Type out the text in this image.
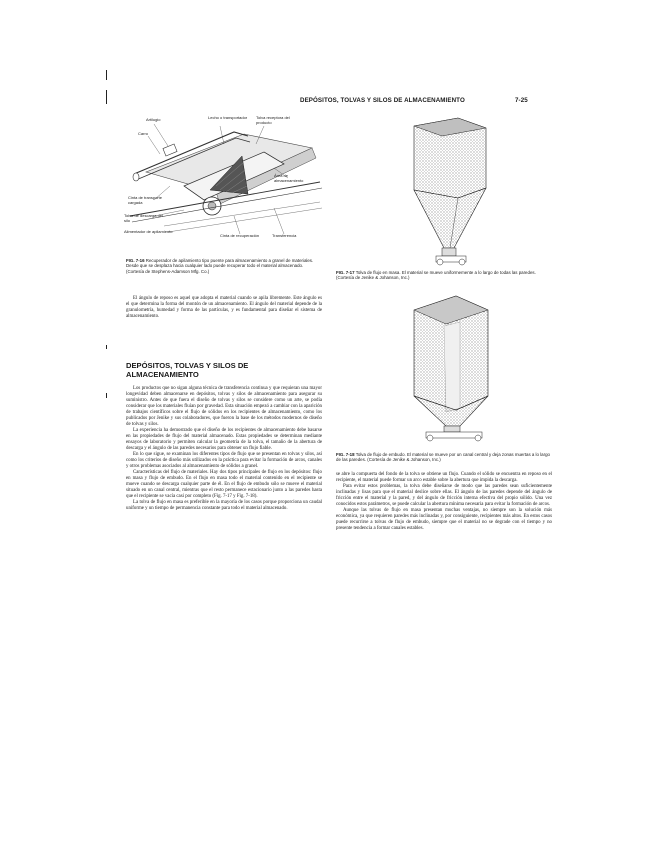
DEPÓSITOS, TOLVAS Y SILOS DE ALMACENAMIENTO	7-25
Artilugio
Carro
Lecho o transportador Tolva receptora del producto
Área de almacenamiento
Cinta de transporte cargada
Tolva de descarga del silo
Alimentador de apilamiento
Cinta de recuperación	Transferencia
FIG. 7-16 Recuperador de apilamiento tipo puente para almacenamiento a granel de materiales. Desde que se desplaza hacia cualquier lado puede recuperar todo el material almacenado. (Cortesía de Stephens-Adamson Mfg. Co.)

El ángulo de reposo es aquel que adopta el material cuando se apila libremente. Este ángulo es el que determina la forma del montón de un almacenamiento. El ángulo del material depende de la granulometría, humedad y forma de las partículas, y es fundamental para diseñar el sistema de almacenamiento.

DEPÓSITOS, TOLVAS Y SILOS DE ALMACENAMIENTO

Los productos que no sigan alguna técnica de transferencia continua y que requieran una mayor longevidad deben almacenarse en depósitos, tolvas y silos de almacenamiento para asegurar su suministro. Antes de que fuera el diseño de tolvas y silos se considere como un arte, se podía considerar que los materiales fluían por gravedad. Esta situación empezó a cambiar con la aparición de trabajos científicos sobre el flujo de sólidos en los recipientes de almacenamiento, como los publicados por Jenike y sus colaboradores, que fueron la base de los métodos modernos de diseño de tolvas y silos.

La experiencia ha demostrado que el diseño de los recipientes de almacenamiento debe basarse en las propiedades de flujo del material almacenado. Estas propiedades se determinan mediante ensayos de laboratorio y permiten calcular la geometría de la tolva, el tamaño de la abertura de descarga y el ángulo de las paredes necesarios para obtener un flujo fiable.

En lo que sigue, se examinan los diferentes tipos de flujo que se presentan en tolvas y silos, así como los criterios de diseño más utilizados en la práctica para evitar la formación de arcos, canales y otros problemas asociados al almacenamiento de sólidos a granel.

Características del flujo de materiales. Hay dos tipos principales de flujo en los depósitos: flujo en masa y flujo de embudo. En el flujo en masa todo el material contenido en el recipiente se mueve cuando se descarga cualquier parte de él. En el flujo de embudo sólo se mueve el material situado en un canal central, mientras que el resto permanece estacionario junto a las paredes hasta que el recipiente se vacía casi por completo (Fig. 7-17 y Fig. 7-18).

La tolva de flujo en masa es preferible en la mayoría de los casos porque proporciona un caudal uniforme y un tiempo de permanencia constante para todo el material almacenado.

FIG. 7-17 Tolva de flujo en masa. El material se mueve uniformemente a lo largo de todas las paredes. (Cortesía de Jenike & Johanson, Inc.)
FIG. 7-18 Tolva de flujo de embudo. El material se mueve por un canal central y deja zonas muertas a lo largo de las paredes. (Cortesía de Jenike & Johanson, Inc.)

se abre la compuerta del fondo de la tolva se obtiene un flujo. Cuando el sólido se encuentra en reposo en el recipiente, el material puede formar un arco estable sobre la abertura que impida la descarga.

Para evitar estos problemas, la tolva debe diseñarse de modo que las paredes sean suficientemente inclinadas y lisas para que el material deslice sobre ellas. El ángulo de las paredes depende del ángulo de fricción entre el material y la pared, y del ángulo de fricción interna efectiva del propio sólido. Una vez conocidos estos parámetros, se puede calcular la abertura mínima necesaria para evitar la formación de arcos.

Aunque las tolvas de flujo en masa presentan muchas ventajas, no siempre son la solución más económica, ya que requieren paredes más inclinadas y, por consiguiente, recipientes más altos. En estos casos puede recurrirse a tolvas de flujo de embudo, siempre que el material no se degrade con el tiempo y no presente tendencia a formar canales estables.
